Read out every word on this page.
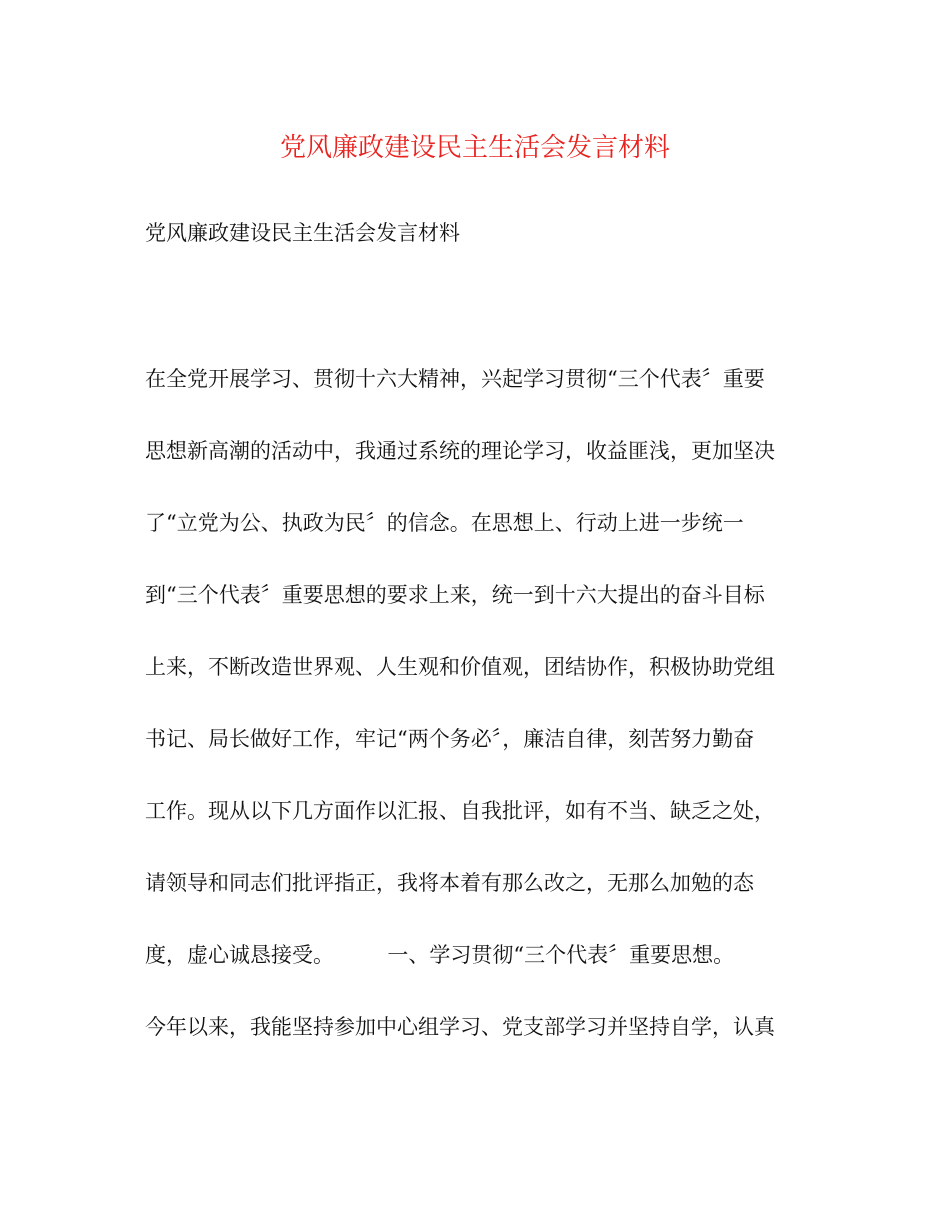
党风廉政建设民主生活会发言材料

党风廉政建设民主生活会发言材料

在全党开展学习、贯彻十六大精神，兴起学习贯彻“三个代表〞重要

思想新高潮的活动中，我通过系统的理论学习，收益匪浅，更加坚决

了“立党为公、执政为民〞的信念。在思想上、行动上进一步统一

到“三个代表〞重要思想的要求上来，统一到十六大提出的奋斗目标

上来，不断改造世界观、人生观和价值观，团结协作，积极协助党组

书记、局长做好工作，牢记“两个务必〞，廉洁自律，刻苦努力勤奋

工作。现从以下几方面作以汇报、自我批评，如有不当、缺乏之处，

请领导和同志们批评指正，我将本着有那么改之，无那么加勉的态

度，虚心诚恳接受。        一、学习贯彻“三个代表〞重要思想。

今年以来，我能坚持参加中心组学习、党支部学习并坚持自学，认真
